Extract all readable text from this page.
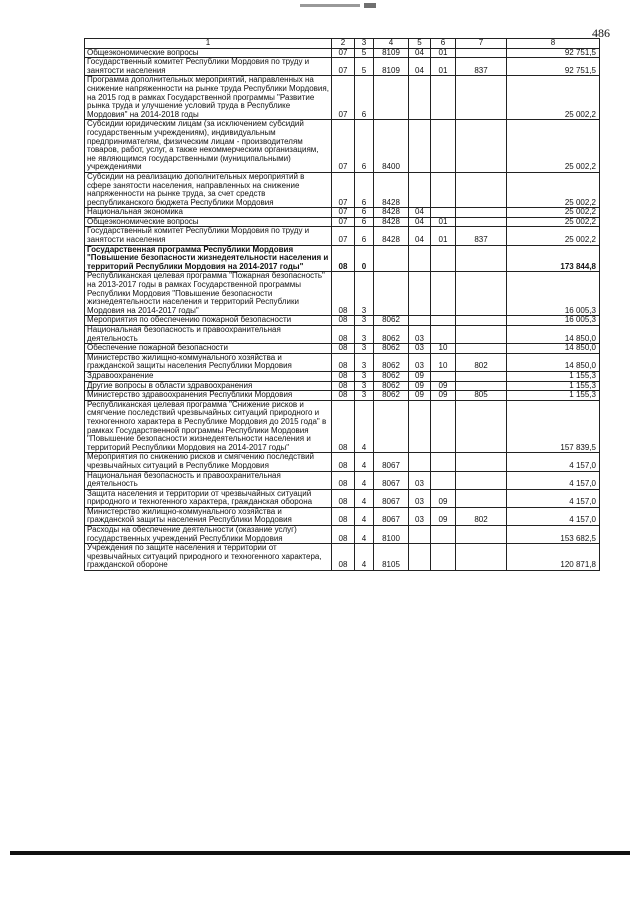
486
1	2	3	4	5	6	7	8
Общеэкономические вопросы	07	5	8109	04	01		92 751,5
Государственный комитет Республики Мордовия по труду и занятости населения	07	5	8109	04	01	837	92 751,5
Программа дополнительных мероприятий, направленных на снижение напряженности на рынке труда Республики Мордовия, на 2015 год в рамках Государственной программы "Развитие рынка труда и улучшение условий труда в Республике Мордовия" на 2014-2018 годы	07	6					25 002,2
Субсидии юридическим лицам (за исключением субсидий государственным учреждениям), индивидуальным предпринимателям, физическим лицам - производителям товаров, работ, услуг, а также некоммерческим организациям, не являющимся государственными (муниципальными) учреждениями	07	6	8400				25 002,2
Субсидии на реализацию дополнительных мероприятий в сфере занятости населения, направленных на снижение напряженности на рынке труда, за счет средств республиканского бюджета Республики Мордовия	07	6	8428				25 002,2
Национальная экономика	07	6	8428	04			25 002,2
Общеэкономические вопросы	07	6	8428	04	01		25 002,2
Государственный комитет Республики Мордовия по труду и занятости населения	07	6	8428	04	01	837	25 002,2
Государственная программа Республики Мордовия "Повышение безопасности жизнедеятельности населения и территорий Республики Мордовия на 2014-2017 годы"	08	0					173 844,8
Республиканская целевая программа "Пожарная безопасность" на 2013-2017 годы в рамках Государственной программы Республики Мордовия "Повышение безопасности жизнедеятельности населения и территорий Республики Мордовия на 2014-2017 годы"	08	3					16 005,3
Мероприятия по обеспечению пожарной безопасности	08	3	8062				16 005,3
Национальная безопасность и правоохранительная деятельность	08	3	8062	03			14 850,0
Обеспечение пожарной безопасности	08	3	8062	03	10		14 850,0
Министерство жилищно-коммунального хозяйства и гражданской защиты населения Республики Мордовия	08	3	8062	03	10	802	14 850,0
Здравоохранение	08	3	8062	09			1 155,3
Другие вопросы в области здравоохранения	08	3	8062	09	09		1 155,3
Министерство здравоохранения Республики Мордовия	08	3	8062	09	09	805	1 155,3
Республиканская целевая программа "Снижение рисков и смягчение последствий чрезвычайных ситуаций природного и техногенного характера в Республике Мордовия до 2015 года" в рамках Государственной программы Республики Мордовия "Повышение безопасности жизнедеятельности населения и территорий Республики Мордовия на 2014-2017 годы"	08	4					157 839,5
Мероприятия по снижению рисков и смягчению последствий чрезвычайных ситуаций в Республике Мордовия	08	4	8067				4 157,0
Национальная безопасность и правоохранительная деятельность	08	4	8067	03			4 157,0
Защита населения и территории от чрезвычайных ситуаций природного и техногенного характера, гражданская оборона	08	4	8067	03	09		4 157,0
Министерство жилищно-коммунального хозяйства и гражданской защиты населения Республики Мордовия	08	4	8067	03	09	802	4 157,0
Расходы на обеспечение деятельности (оказание услуг) государственных учреждений Республики Мордовия	08	4	8100				153 682,5
Учреждения по защите населения и территории от чрезвычайных ситуаций природного и техногенного характера, гражданской обороне	08	4	8105				120 871,8
